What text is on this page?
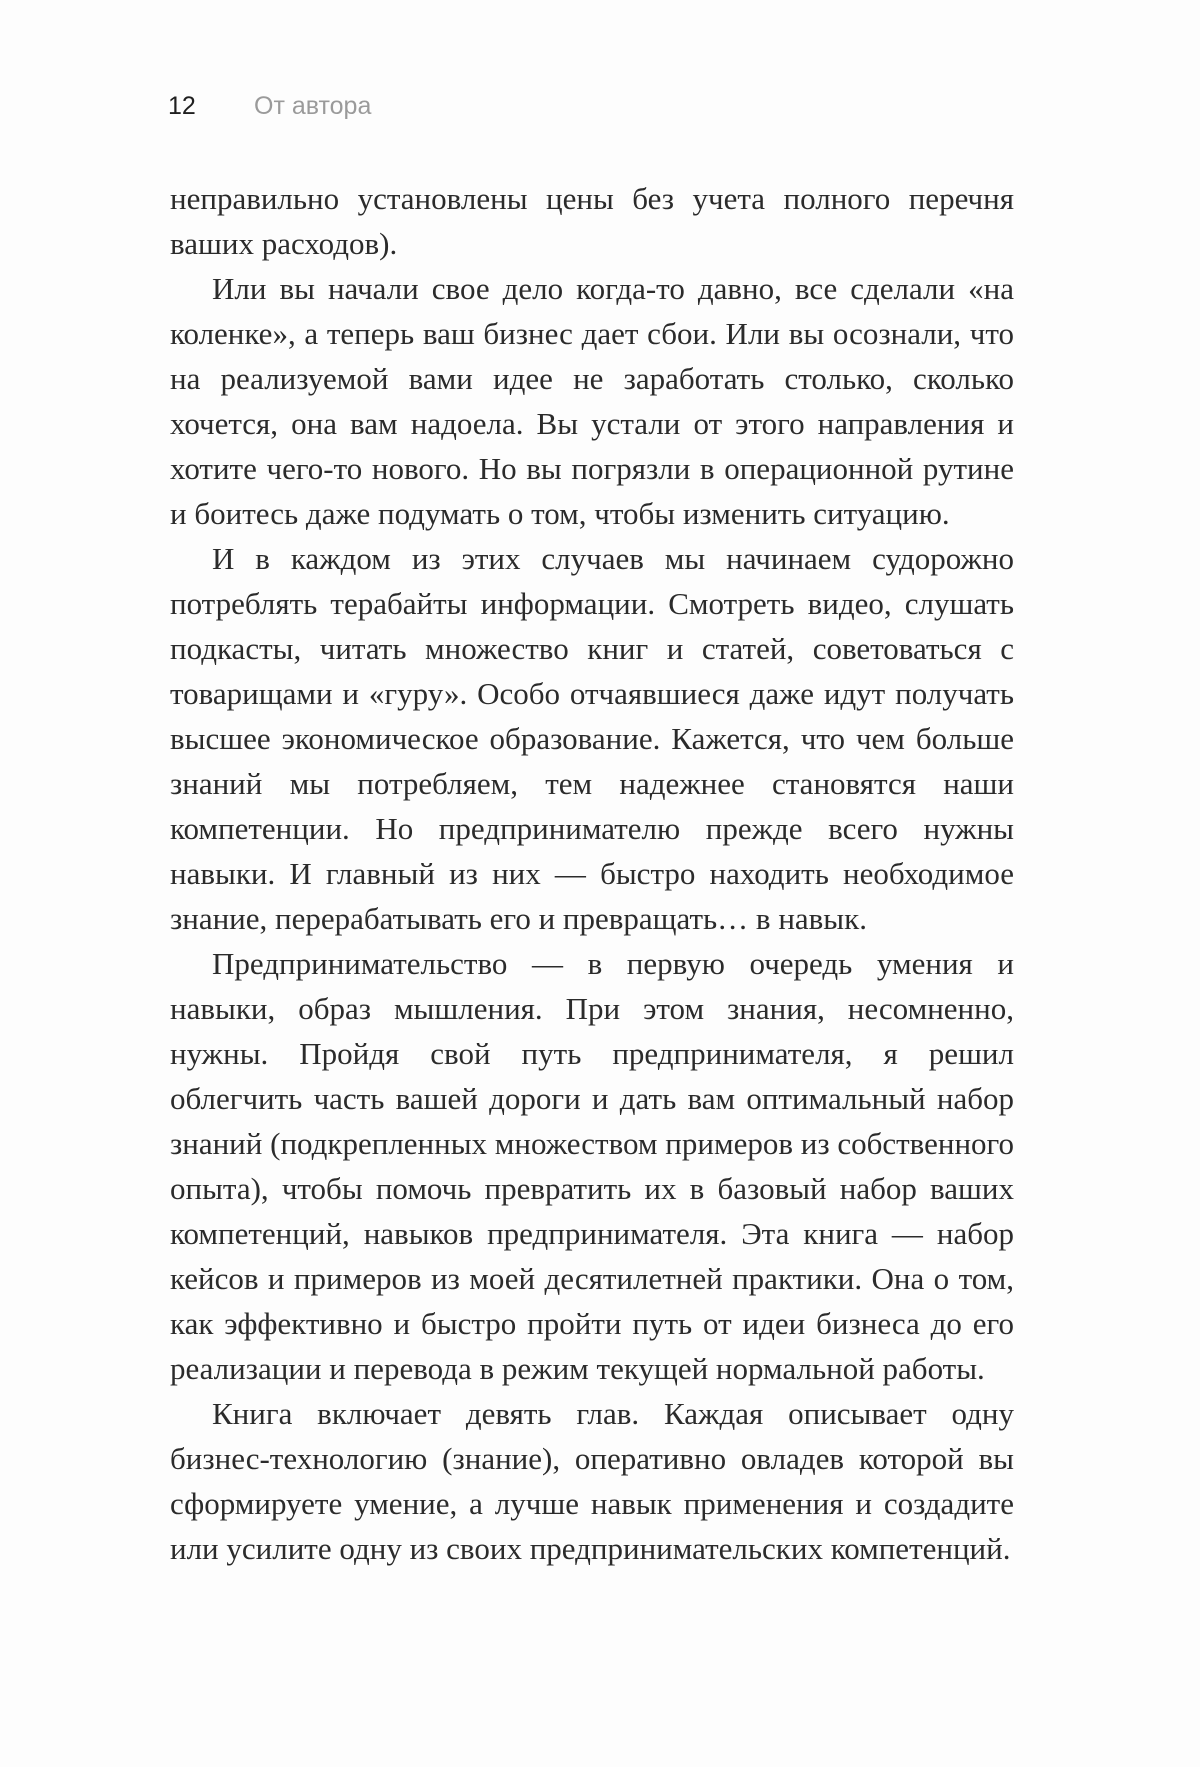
12	От автора

неправильно установлены цены без учета полного перечня ваших расходов).

Или вы начали свое дело когда-то давно, все сделали «на коленке», а теперь ваш бизнес дает сбои. Или вы осознали, что на реализуемой вами идее не заработать столько, сколько хочется, она вам надоела. Вы устали от этого направления и хотите чего-то нового. Но вы погрязли в операционной рутине и боитесь даже подумать о том, чтобы изменить ситуацию.

И в каждом из этих случаев мы начинаем судорожно потреблять терабайты информации. Смотреть видео, слушать подкасты, читать множество книг и статей, советоваться с товарищами и «гуру». Особо отчаявшиеся даже идут получать высшее экономическое образование. Кажется, что чем больше знаний мы потребляем, тем надежнее становятся наши компетенции. Но предпринимателю прежде всего нужны навыки. И главный из них — быстро находить необходимое знание, перерабатывать его и превращать… в навык.

Предпринимательство — в первую очередь умения и навыки, образ мышления. При этом знания, несомненно, нужны. Пройдя свой путь предпринимателя, я решил облегчить часть вашей дороги и дать вам оптимальный набор знаний (подкрепленных множеством примеров из собственного опыта), чтобы помочь превратить их в базовый набор ваших компетенций, навыков предпринимателя. Эта книга — набор кейсов и примеров из моей десятилетней практики. Она о том, как эффективно и быстро пройти путь от идеи бизнеса до его реализации и перевода в режим текущей нормальной работы.

Книга включает девять глав. Каждая описывает одну бизнес-технологию (знание), оперативно овладев которой вы сформируете умение, а лучше навык применения и создадите или усилите одну из своих предпринимательских компетенций.
